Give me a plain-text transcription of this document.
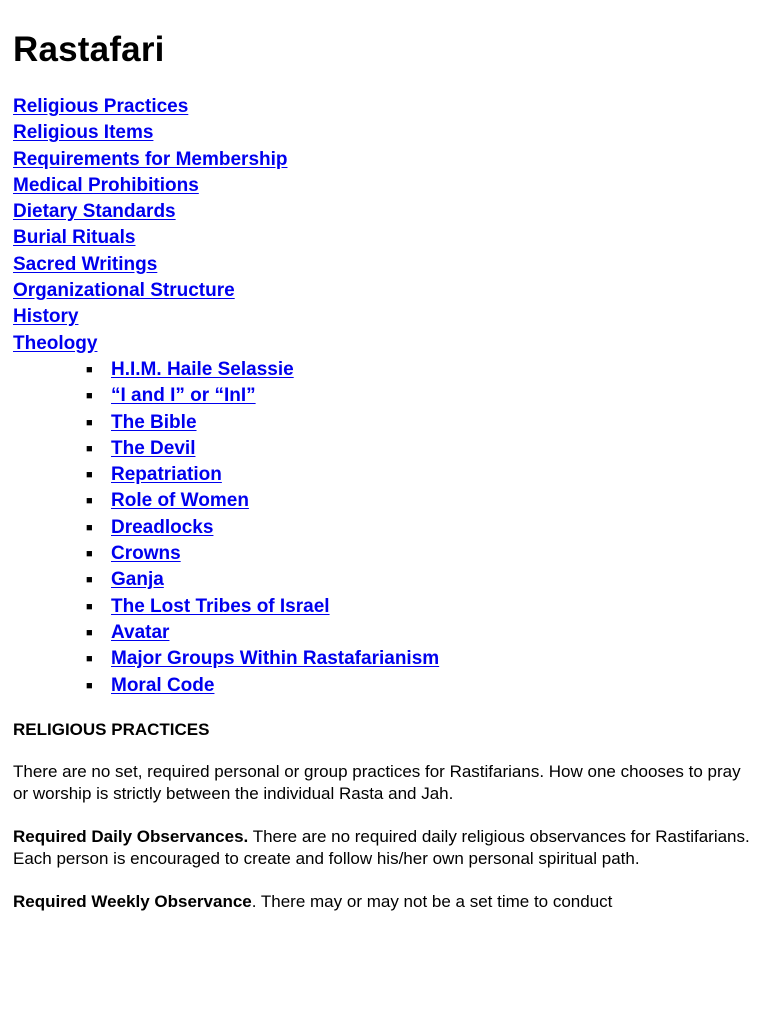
Rastafari
Religious Practices
Religious Items
Requirements for Membership
Medical Prohibitions
Dietary Standards
Burial Rituals
Sacred Writings
Organizational Structure
History
Theology
■ H.I.M. Haile Selassie
■ “I and I” or “InI”
■ The Bible
■ The Devil
■ Repatriation
■ Role of Women
■ Dreadlocks
■ Crowns
■ Ganja
■ The Lost Tribes of Israel
■ Avatar
■ Major Groups Within Rastafarianism
■ Moral Code
RELIGIOUS PRACTICES

There are no set, required personal or group practices for Rastifarians. How one chooses to pray or worship is strictly between the individual Rasta and Jah.

Required Daily Observances. There are no required daily religious observances for Rastifarians. Each person is encouraged to create and follow his/her own personal spiritual path.

Required Weekly Observance. There may or may not be a set time to conduct
